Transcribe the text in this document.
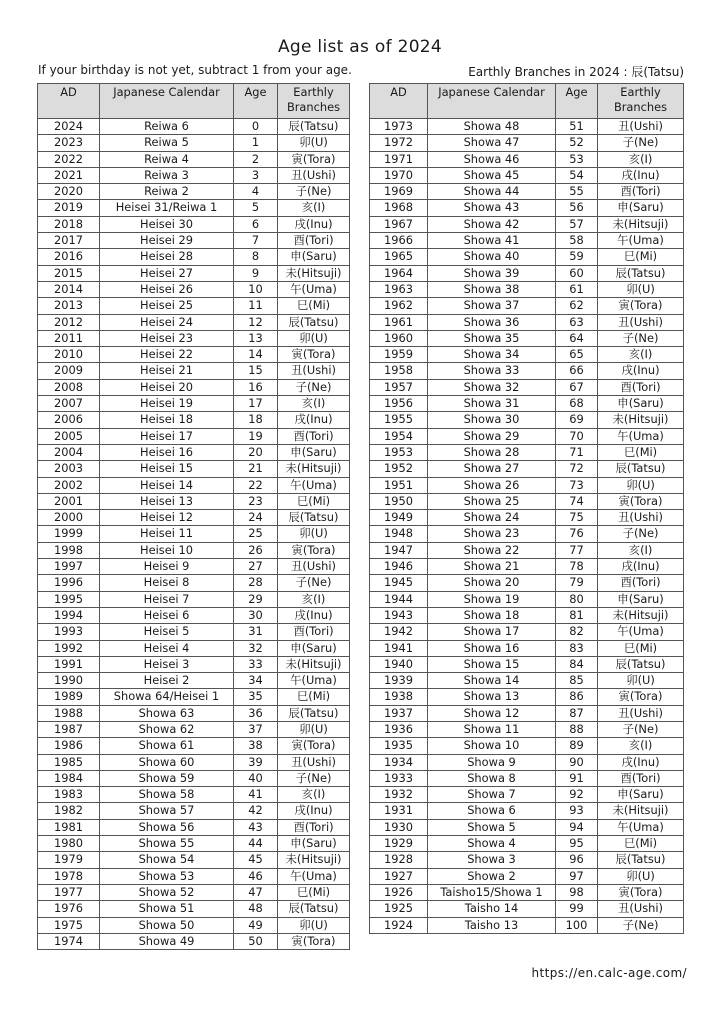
Age list as of 2024
If your birthday is not yet, subtract 1 from your age.	Earthly Branches in 2024 : 辰(Tatsu)
AD	Japanese Calendar	Age	Earthly
Branches
2024	Reiwa 6	0	辰(Tatsu)
2023	Reiwa 5	1	卯(U)
2022	Reiwa 4	2	寅(Tora)
2021	Reiwa 3	3	丑(Ushi)
2020	Reiwa 2	4	子(Ne)
2019	Heisei 31/Reiwa 1	5	亥(I)
2018	Heisei 30	6	戌(Inu)
2017	Heisei 29	7	酉(Tori)
2016	Heisei 28	8	申(Saru)
2015	Heisei 27	9	未(Hitsuji)
2014	Heisei 26	10	午(Uma)
2013	Heisei 25	11	巳(Mi)
2012	Heisei 24	12	辰(Tatsu)
2011	Heisei 23	13	卯(U)
2010	Heisei 22	14	寅(Tora)
2009	Heisei 21	15	丑(Ushi)
2008	Heisei 20	16	子(Ne)
2007	Heisei 19	17	亥(I)
2006	Heisei 18	18	戌(Inu)
2005	Heisei 17	19	酉(Tori)
2004	Heisei 16	20	申(Saru)
2003	Heisei 15	21	未(Hitsuji)
2002	Heisei 14	22	午(Uma)
2001	Heisei 13	23	巳(Mi)
2000	Heisei 12	24	辰(Tatsu)
1999	Heisei 11	25	卯(U)
1998	Heisei 10	26	寅(Tora)
1997	Heisei 9	27	丑(Ushi)
1996	Heisei 8	28	子(Ne)
1995	Heisei 7	29	亥(I)
1994	Heisei 6	30	戌(Inu)
1993	Heisei 5	31	酉(Tori)
1992	Heisei 4	32	申(Saru)
1991	Heisei 3	33	未(Hitsuji)
1990	Heisei 2	34	午(Uma)
1989	Showa 64/Heisei 1	35	巳(Mi)
1988	Showa 63	36	辰(Tatsu)
1987	Showa 62	37	卯(U)
1986	Showa 61	38	寅(Tora)
1985	Showa 60	39	丑(Ushi)
1984	Showa 59	40	子(Ne)
1983	Showa 58	41	亥(I)
1982	Showa 57	42	戌(Inu)
1981	Showa 56	43	酉(Tori)
1980	Showa 55	44	申(Saru)
1979	Showa 54	45	未(Hitsuji)
1978	Showa 53	46	午(Uma)
1977	Showa 52	47	巳(Mi)
1976	Showa 51	48	辰(Tatsu)
1975	Showa 50	49	卯(U)
1974	Showa 49	50	寅(Tora)
AD	Japanese Calendar	Age	Earthly
Branches
1973	Showa 48	51	丑(Ushi)
1972	Showa 47	52	子(Ne)
1971	Showa 46	53	亥(I)
1970	Showa 45	54	戌(Inu)
1969	Showa 44	55	酉(Tori)
1968	Showa 43	56	申(Saru)
1967	Showa 42	57	未(Hitsuji)
1966	Showa 41	58	午(Uma)
1965	Showa 40	59	巳(Mi)
1964	Showa 39	60	辰(Tatsu)
1963	Showa 38	61	卯(U)
1962	Showa 37	62	寅(Tora)
1961	Showa 36	63	丑(Ushi)
1960	Showa 35	64	子(Ne)
1959	Showa 34	65	亥(I)
1958	Showa 33	66	戌(Inu)
1957	Showa 32	67	酉(Tori)
1956	Showa 31	68	申(Saru)
1955	Showa 30	69	未(Hitsuji)
1954	Showa 29	70	午(Uma)
1953	Showa 28	71	巳(Mi)
1952	Showa 27	72	辰(Tatsu)
1951	Showa 26	73	卯(U)
1950	Showa 25	74	寅(Tora)
1949	Showa 24	75	丑(Ushi)
1948	Showa 23	76	子(Ne)
1947	Showa 22	77	亥(I)
1946	Showa 21	78	戌(Inu)
1945	Showa 20	79	酉(Tori)
1944	Showa 19	80	申(Saru)
1943	Showa 18	81	未(Hitsuji)
1942	Showa 17	82	午(Uma)
1941	Showa 16	83	巳(Mi)
1940	Showa 15	84	辰(Tatsu)
1939	Showa 14	85	卯(U)
1938	Showa 13	86	寅(Tora)
1937	Showa 12	87	丑(Ushi)
1936	Showa 11	88	子(Ne)
1935	Showa 10	89	亥(I)
1934	Showa 9	90	戌(Inu)
1933	Showa 8	91	酉(Tori)
1932	Showa 7	92	申(Saru)
1931	Showa 6	93	未(Hitsuji)
1930	Showa 5	94	午(Uma)
1929	Showa 4	95	巳(Mi)
1928	Showa 3	96	辰(Tatsu)
1927	Showa 2	97	卯(U)
1926	Taisho15/Showa 1	98	寅(Tora)
1925	Taisho 14	99	丑(Ushi)
1924	Taisho 13	100	子(Ne)
https://en.calc-age.com/
